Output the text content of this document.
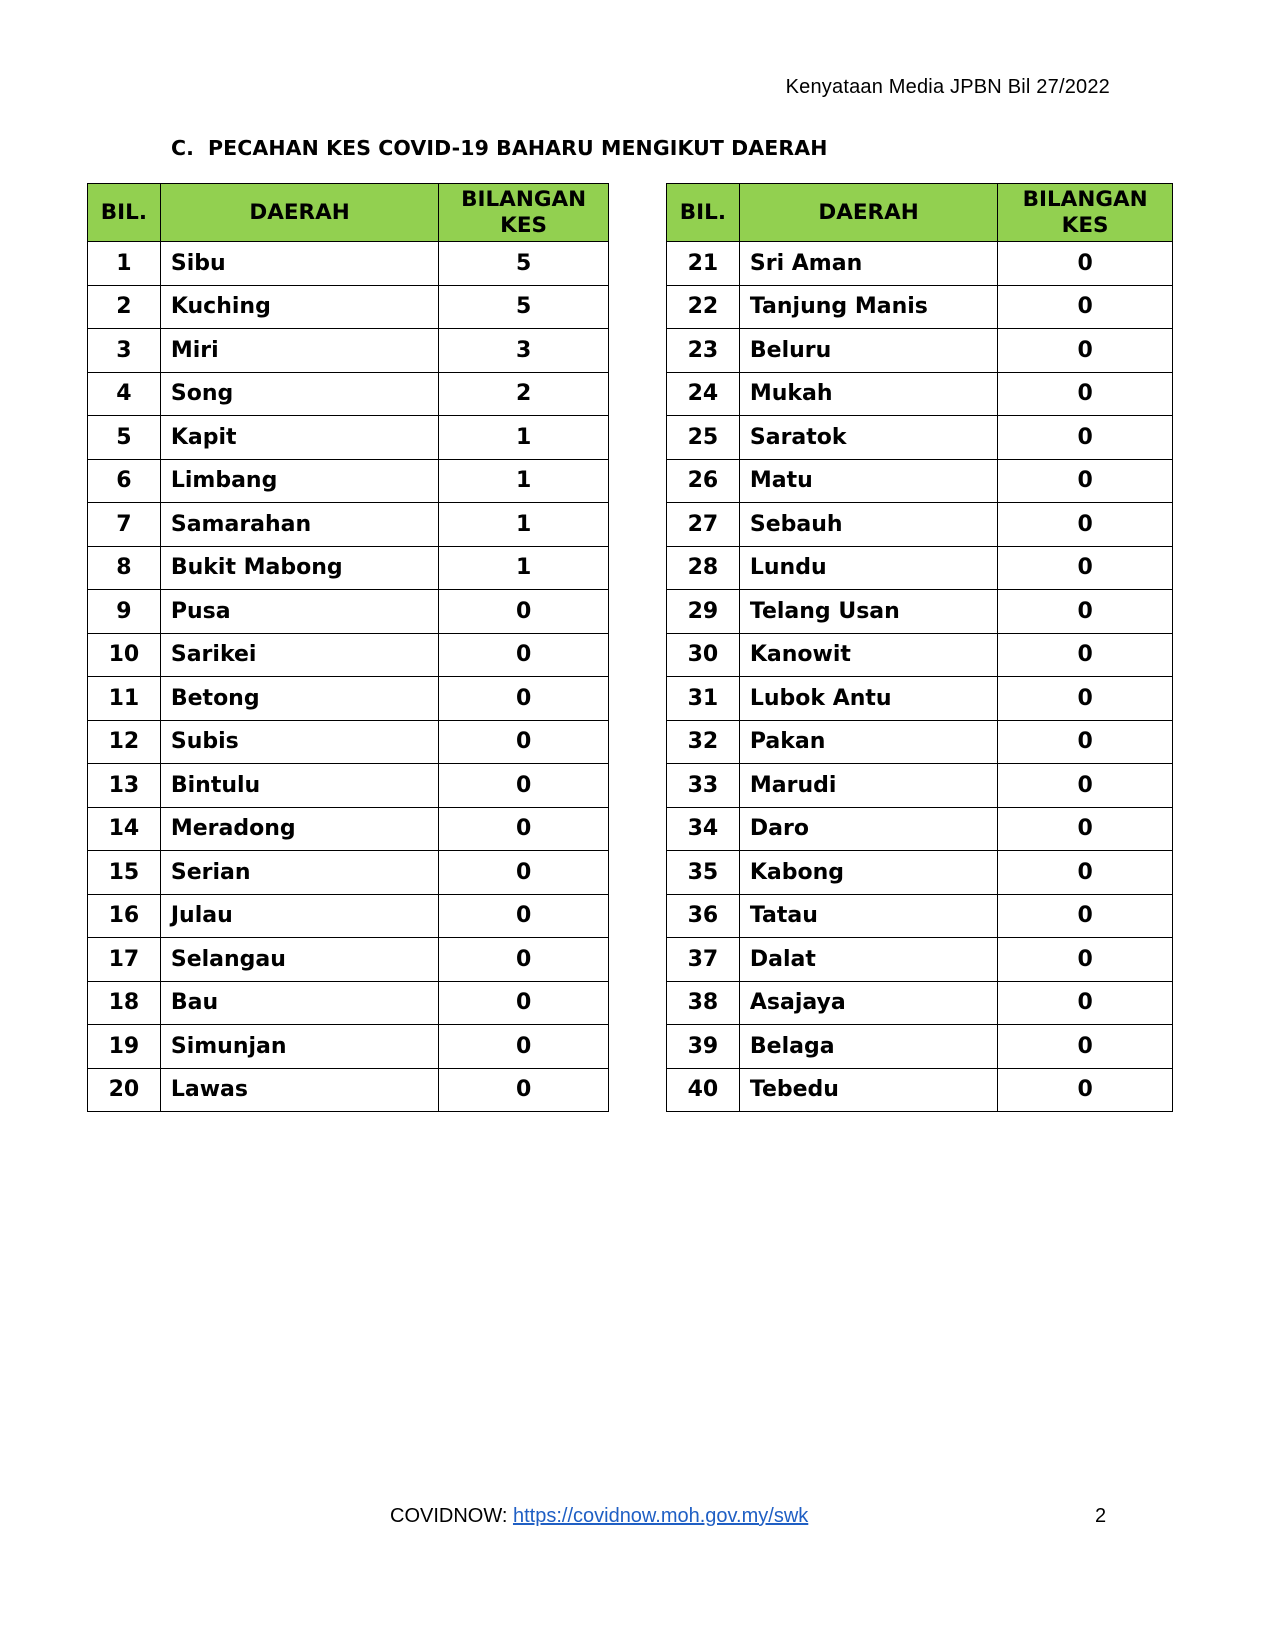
Kenyataan Media JPBN Bil 27/2022
C. PECAHAN KES COVID-19 BAHARU MENGIKUT DAERAH
BIL.	DAERAH	BILANGAN
KES
1	Sibu	5
2	Kuching	5
3	Miri	3
4	Song	2
5	Kapit	1
6	Limbang	1
7	Samarahan	1
8	Bukit Mabong	1
9	Pusa	0
10	Sarikei	0
11	Betong	0
12	Subis	0
13	Bintulu	0
14	Meradong	0
15	Serian	0
16	Julau	0
17	Selangau	0
18	Bau	0
19	Simunjan	0
20	Lawas	0
BIL.	DAERAH	BILANGAN
KES
21	Sri Aman	0
22	Tanjung Manis	0
23	Beluru	0
24	Mukah	0
25	Saratok	0
26	Matu	0
27	Sebauh	0
28	Lundu	0
29	Telang Usan	0
30	Kanowit	0
31	Lubok Antu	0
32	Pakan	0
33	Marudi	0
34	Daro	0
35	Kabong	0
36	Tatau	0
37	Dalat	0
38	Asajaya	0
39	Belaga	0
40	Tebedu	0
COVIDNOW: https://covidnow.moh.gov.my/swk	2
